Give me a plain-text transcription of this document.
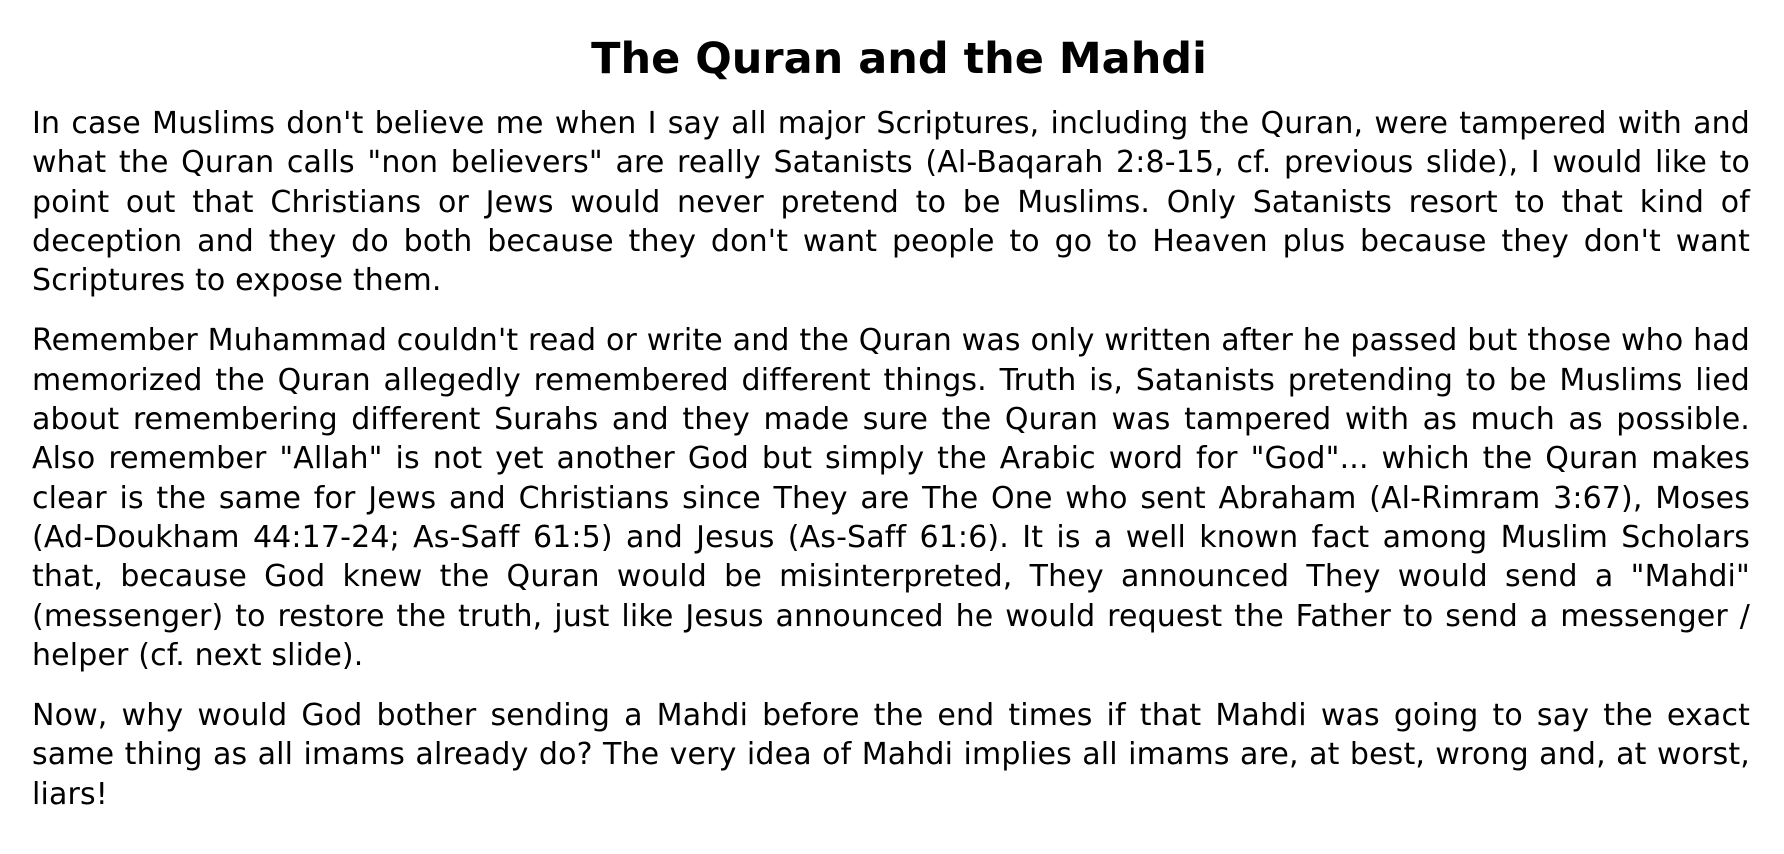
The Quran and the Mahdi

In case Muslims don't believe me when I say all major Scriptures, including the Quran, were tampered with and what the Quran calls "non believers" are really Satanists (Al-Baqarah 2:8-15, cf. previous slide), I would like to point out that Christians or Jews would never pretend to be Muslims. Only Satanists resort to that kind of deception and they do both because they don't want people to go to Heaven plus because they don't want Scriptures to expose them.

Remember Muhammad couldn't read or write and the Quran was only written after he passed but those who had memorized the Quran allegedly remembered different things. Truth is, Satanists pretending to be Muslims lied about remembering different Surahs and they made sure the Quran was tampered with as much as possible. Also remember "Allah" is not yet another God but simply the Arabic word for "God"... which the Quran makes clear is the same for Jews and Christians since They are The One who sent Abraham (Al-Rimram 3:67), Moses (Ad-Doukham 44:17-24; As-Saff 61:5) and Jesus (As-Saff 61:6). It is a well known fact among Muslim Scholars that, because God knew the Quran would be misinterpreted, They announced They would send a "Mahdi" (messenger) to restore the truth, just like Jesus announced he would request the Father to send a messenger / helper (cf. next slide).

Now, why would God bother sending a Mahdi before the end times if that Mahdi was going to say the exact same thing as all imams already do? The very idea of Mahdi implies all imams are, at best, wrong and, at worst, liars!
